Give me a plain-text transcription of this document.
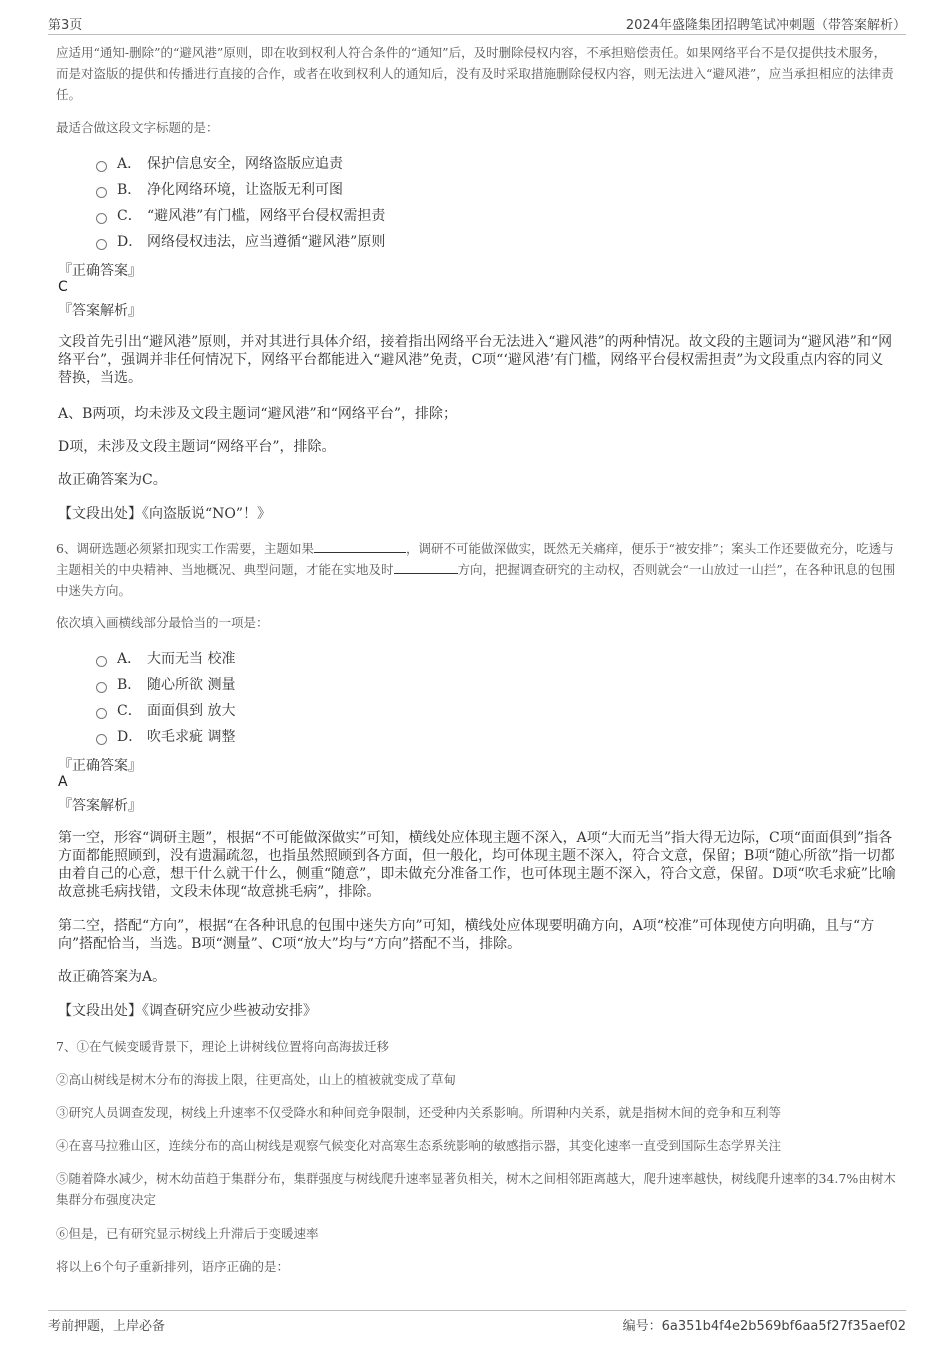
第3页	2024年盛隆集团招聘笔试冲刺题（带答案解析）

应适用“通知-删除”的“避风港”原则，即在收到权利人符合条件的“通知”后，及时删除侵权内容，不承担赔偿责任。如果网络平台不是仅提供技术服务，而是对盗版的提供和传播进行直接的合作，或者在收到权利人的通知后，没有及时采取措施删除侵权内容，则无法进入“避风港”，应当承担相应的法律责任。

最适合做这段文字标题的是：

A． 保护信息安全，网络盗版应追责
B． 净化网络环境，让盗版无利可图
C． “避风港”有门槛，网络平台侵权需担责
D． 网络侵权违法，应当遵循“避风港”原则
『正确答案』
C
『答案解析』

文段首先引出“避风港”原则，并对其进行具体介绍，接着指出网络平台无法进入“避风港”的两种情况。故文段的主题词为“避风港”和“网络平台”，强调并非任何情况下，网络平台都能进入“避风港”免责，C项“‘避风港’有门槛，网络平台侵权需担责”为文段重点内容的同义替换，当选。

A、B两项，均未涉及文段主题词“避风港”和“网络平台”，排除；

D项，未涉及文段主题词“网络平台”，排除。

故正确答案为C。

【文段出处】《向盗版说“NO”！》

6、调研选题必须紧扣现实工作需要，主题如果	，调研不可能做深做实，既然无关痛痒，便乐于“被安排”；案头工作还要做充分，吃透与主题相关的中央精神、当地概况、典型问题，才能在实地及时	方向，把握调查研究的主动权，否则就会“一山放过一山拦”，在各种讯息的包围中迷失方向。

依次填入画横线部分最恰当的一项是：

A． 大而无当 校准
B． 随心所欲 测量
C． 面面俱到 放大
D． 吹毛求疵 调整
『正确答案』
A
『答案解析』

第一空，形容“调研主题”，根据“不可能做深做实”可知，横线处应体现主题不深入，A项“大而无当”指大得无边际，C项“面面俱到”指各方面都能照顾到，没有遗漏疏忽，也指虽然照顾到各方面，但一般化，均可体现主题不深入，符合文意，保留；B项“随心所欲”指一切都由着自己的心意，想干什么就干什么，侧重“随意”，即未做充分准备工作，也可体现主题不深入，符合文意，保留。D项“吹毛求疵”比喻故意挑毛病找错，文段未体现“故意挑毛病”，排除。

第二空，搭配“方向”，根据“在各种讯息的包围中迷失方向”可知，横线处应体现要明确方向，A项“校准”可体现使方向明确，且与“方向”搭配恰当，当选。B项“测量”、C项“放大”均与“方向”搭配不当，排除。

故正确答案为A。

【文段出处】《调查研究应少些被动安排》

7、①在气候变暖背景下，理论上讲树线位置将向高海拔迁移

②高山树线是树木分布的海拔上限，往更高处，山上的植被就变成了草甸

③研究人员调查发现，树线上升速率不仅受降水和种间竞争限制，还受种内关系影响。所谓种内关系，就是指树木间的竞争和互利等

④在喜马拉雅山区，连续分布的高山树线是观察气候变化对高寒生态系统影响的敏感指示器，其变化速率一直受到国际生态学界关注

⑤随着降水减少，树木幼苗趋于集群分布，集群强度与树线爬升速率显著负相关，树木之间相邻距离越大，爬升速率越快，树线爬升速率的34.7%由树木集群分布强度决定

⑥但是，已有研究显示树线上升滞后于变暖速率

将以上6个句子重新排列，语序正确的是：

考前押题，上岸必备	编号：6a351b4f4e2b569bf6aa5f27f35aef02
